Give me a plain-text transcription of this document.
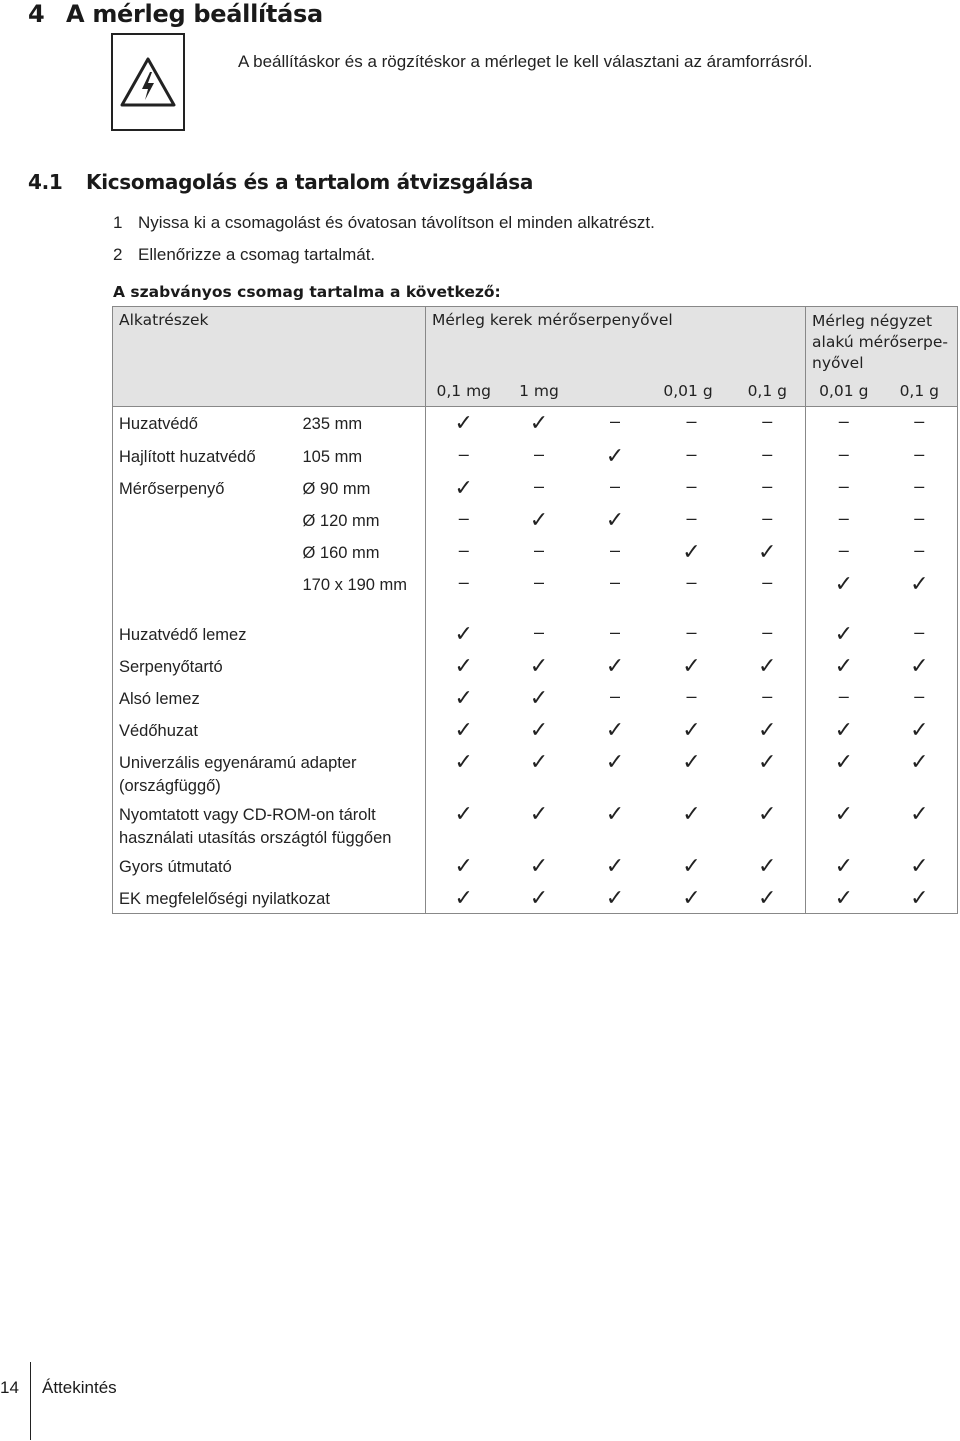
4 A mérleg beállítása
A beállításkor és a rögzítéskor a mérleget le kell választani az áramforrásról.
4.1 Kicsomagolás és a tartalom átvizsgálása
1 Nyissa ki a csomagolást és óvatosan távolítson el minden alkatrészt.
2 Ellenőrizze a csomag tartalmát.
A szabványos csomag tartalma a következő:
Alkatrészek		Mérleg kerek mérőserpenyővel					Mérleg négyzet
alakú mérőserpe-
nyővel	

		0,1 mg	1 mg	0,01 g		0,1 g	0,01 g	0,1 g
Huzatvédő	235 mm	✓	✓	–	–	–	–	–
Hajlított huzatvédő	105 mm	–	–	✓	–	–	–	–
Mérőserpenyő	Ø 90 mm	✓	–	–	–	–	–	–
	Ø 120 mm	–	✓	✓	–	–	–	–
	Ø 160 mm	–	–	–	✓	✓	–	–
	170 x 190 mm	–	–	–	–	–	✓	✓
Huzatvédő lemez		✓	–	–	–	–	✓	–
Serpenyőtartó		✓	✓	✓	✓	✓	✓	✓
Alsó lemez		✓	✓	–	–	–	–	–
Védőhuzat		✓	✓	✓	✓	✓	✓	✓
Univerzális egyenáramú adapter (országfüggő)		✓	✓	✓	✓	✓	✓	✓
Nyomtatott vagy CD-ROM-on tárolt használati utasítás országtól függően		✓	✓	✓	✓	✓	✓	✓
Gyors útmutató		✓	✓	✓	✓	✓	✓	✓
EK megfelelőségi nyilatkozat		✓	✓	✓	✓	✓	✓	✓
14 Áttekintés
